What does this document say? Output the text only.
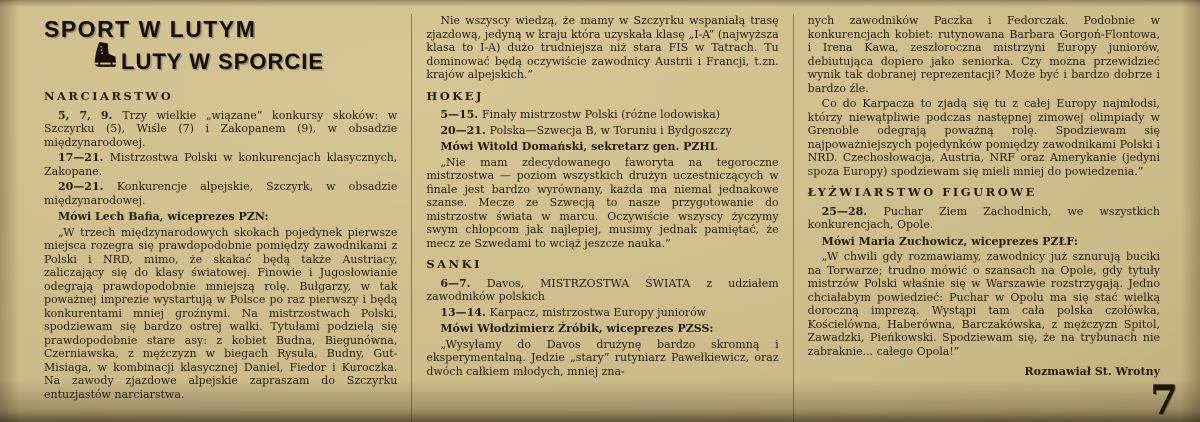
SPORT W LUTYM
LUTY W SPORCIE

NARCIARSTWO

5, 7, 9. Trzy wielkie „wiązane” konkursy skoków: w Szczyrku (5), Wiśle (7) i Zakopanem (9), w obsadzie międzynarodowej.

17—21. Mistrzostwa Polski w konkurencjach klasycznych, Zakopane.

20—21. Konkurencje alpejskie, Szczyrk, w obsadzie międzynarodowej.

Mówi Lech Bafia, wiceprezes PZN:

„W trzech międzynarodowych skokach pojedynek pierwsze miejsca rozegra się prawdopodobnie pomiędzy zawodnikami z Polski i NRD, mimo, że skakać będą także Austriacy, zaliczający się do klasy światowej. Finowie i Jugosłowianie odegrają prawdopodobnie mniejszą rolę. Bułgarzy, w tak poważnej imprezie wystartują w Polsce po raz pierwszy i będą konkurentami mniej groźnymi. Na mistrzostwach Polski, spodziewam się bardzo ostrej walki. Tytułami podzielą się prawdopodobnie stare asy: z kobiet Budna, Biegunówna, Czerniawska, z mężczyzn w biegach Rysula, Budny, Gut-Misiaga, w kombinacji klasycznej Daniel, Fiedor i Kuroczka. Na zawody zjazdowe alpejskie zapraszam do Szczyrku entuzjastów narciarstwa.

Nie wszyscy wiedzą, że mamy w Szczyrku wspaniałą trasę zjazdową, jedyną w kraju która uzyskała klasę „I-A” (najwyższa klasa to I-A) dużo trudniejsza niż stara FIS w Tatrach. Tu dominować będą oczywiście zawodnicy Austrii i Francji, t.zn. krajów alpejskich.”

HOKEJ

5—15. Finały mistrzostw Polski (różne lodowiska)

20—21. Polska—Szwecja B, w Toruniu i Bydgoszczy

Mówi Witold Domański, sekretarz gen. PZHL

„Nie mam zdecydowanego faworyta na tegoroczne mistrzostwa — poziom wszystkich drużyn uczestniczących w finale jest bardzo wyrównany, każda ma niemal jednakowe szanse. Mecze ze Szwecją to nasze przygotowanie do mistrzostw świata w marcu. Oczywiście wszyscy życzymy swym chłopcom jak najlepiej, musimy jednak pamiętać, że mecz ze Szwedami to wciąż jeszcze nauka.”

SANKI

6—7. Davos, MISTRZOSTWA ŚWIATA z udziałem zawodników polskich

13—14. Karpacz, mistrzostwa Europy juniorów

Mówi Włodzimierz Źróbik, wiceprezes PZSS:

„Wysyłamy do Davos drużynę bardzo skromną i eksperymentalną. Jedzie „stary” rutyniarz Pawełkiewicz, oraz dwóch całkiem młodych, mniej zna-

nych zawodników Paczka i Fedorczak. Podobnie w konkurencjach kobiet: rutynowana Barbara Gorgoń-Flontowa, i Irena Kawa, zeszłoroczna mistrzyni Europy juniorów, debiutująca dopiero jako seniorka. Czy można przewidzieć wynik tak dobranej reprezentacji? Może być i bardzo dobrze i bardzo źle.

Co do Karpacza to zjadą się tu z całej Europy najmłodsi, którzy niewątpliwie podczas następnej zimowej olimpiady w Grenoble odegrają poważną rolę. Spodziewam się najpoważniejszych pojedynków pomiędzy zawodnikami Polski i NRD. Czechosłowacja, Austria, NRF oraz Amerykanie (jedyni spoza Europy) spodziewam się mieli mniej do powiedzenia.”

ŁYŻWIARSTWO FIGUROWE

25—28. Puchar Ziem Zachodnich, we wszystkich konkurencjach, Opole.

Mówi Maria Zuchowicz, wiceprezes PZŁF:

„W chwili gdy rozmawiamy, zawodnicy już sznurują buciki na Torwarze; trudno mówić o szansach na Opole, gdy tytuły mistrzów Polski właśnie się w Warszawie rozstrzygają. Jedno chciałabym powiedzieć: Puchar w Opolu ma się stać wielką doroczną imprezą. Wystąpi tam cała polska czołówka, Kościelówna, Haberówna, Barczakówska, z mężczyzn Spitol, Zawadzki, Pieńkowski. Spodziewam się, że na trybunach nie zabraknie... całego Opola!”

Rozmawiał St. Wrotny

7
